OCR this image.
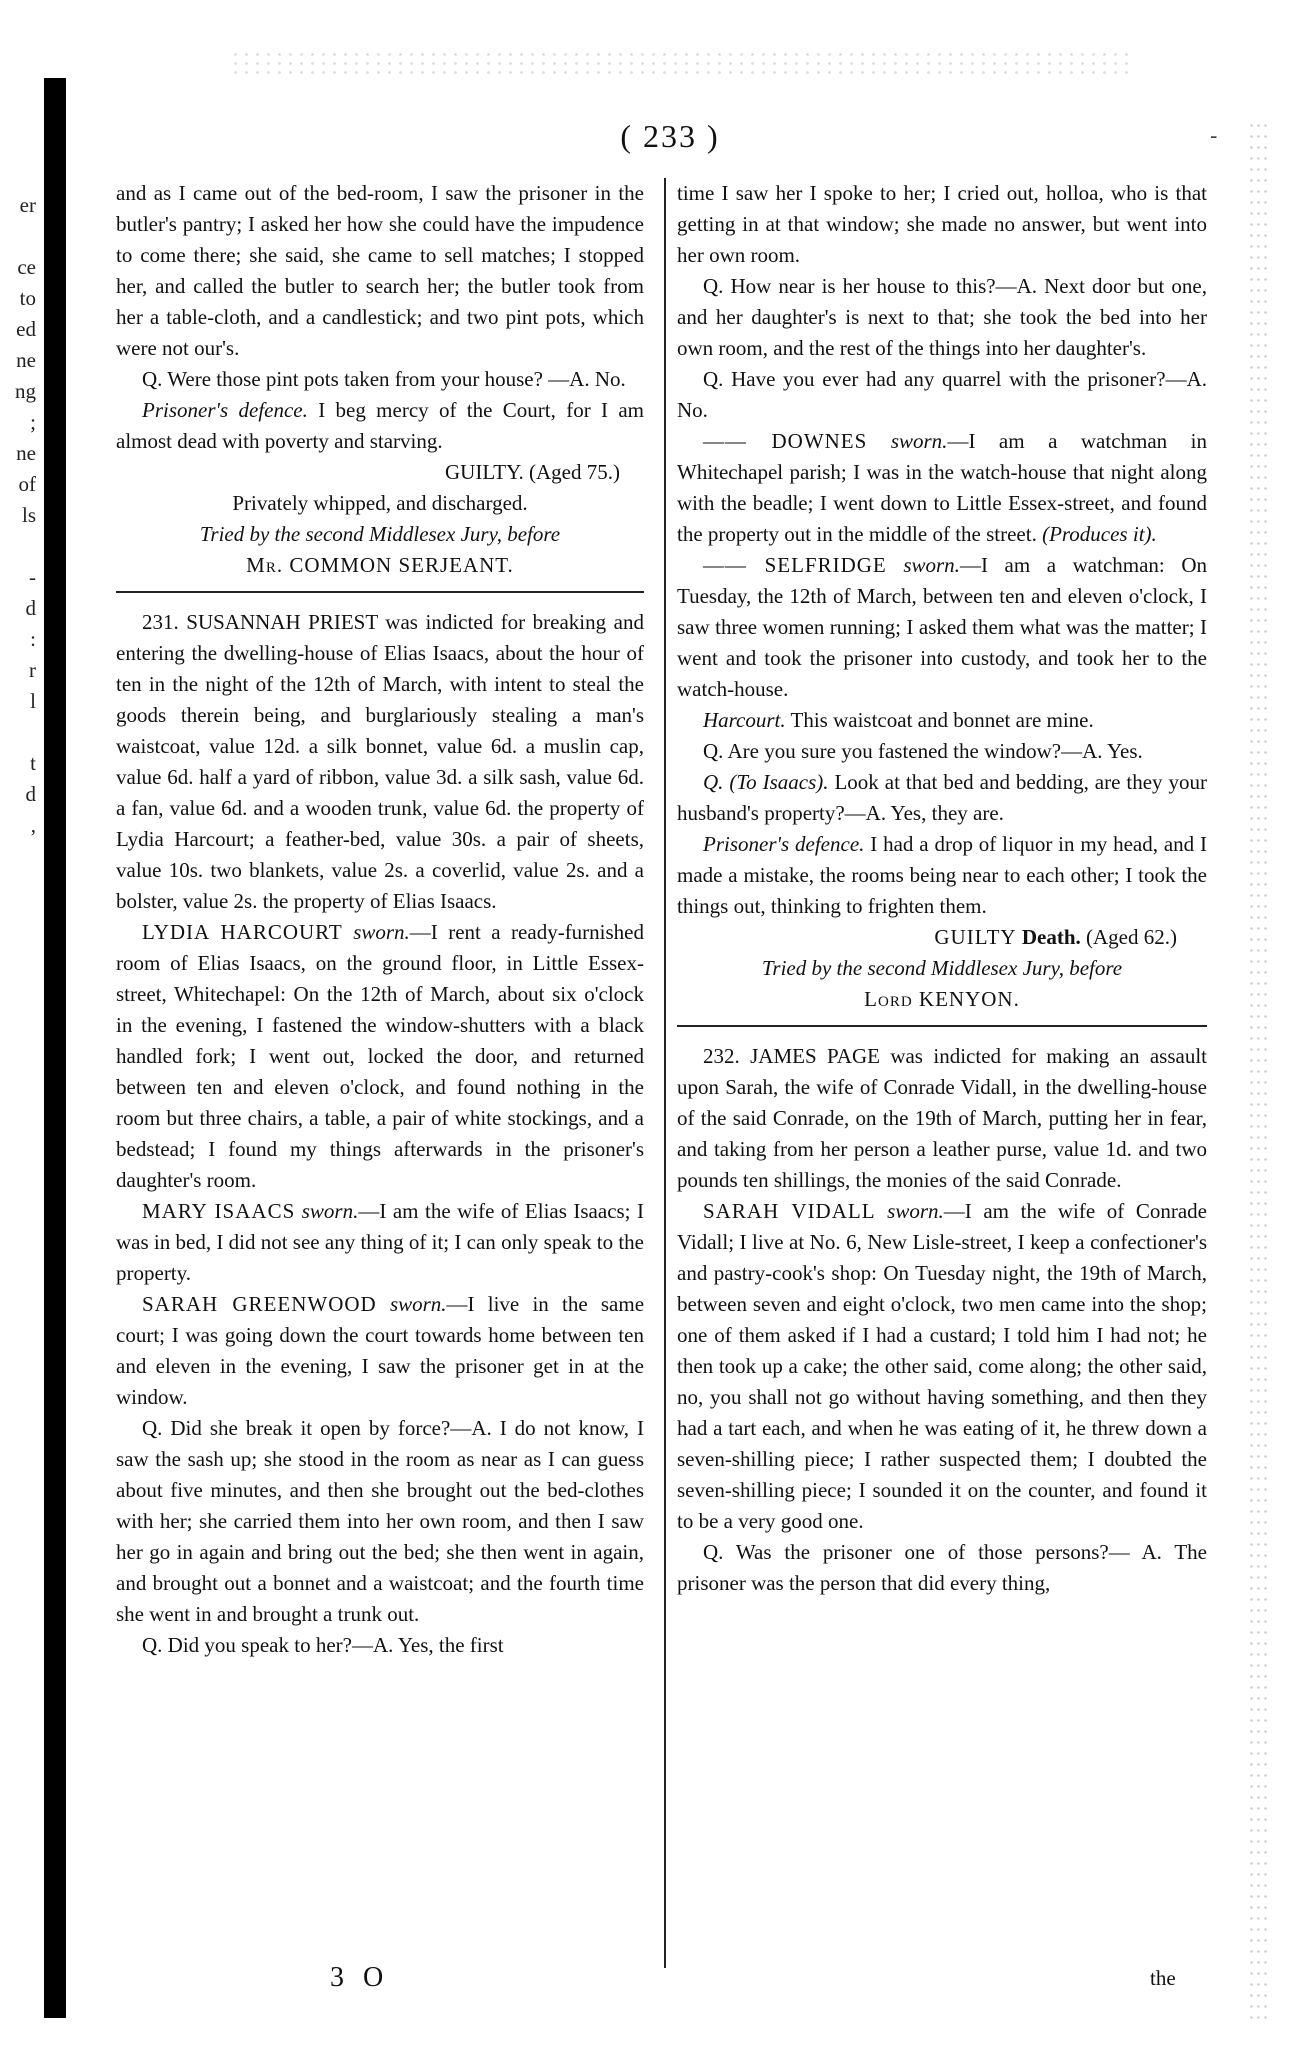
er
ce
to
ed
ne
ng
;
ne
of
ls
-
d
:
r
l
t
d
,
( 233 )	-

and as I came out of the bed-room, I saw the prisoner in the butler's pantry; I asked her how she could have the impudence to come there; she said, she came to sell matches; I stopped her, and called the butler to search her; the butler took from her a table-cloth, and a candlestick; and two pint pots, which were not our's.

Q. Were those pint pots taken from your house? —A. No.

Prisoner's defence. I beg mercy of the Court, for I am almost dead with poverty and starving.

GUILTY. (Aged 75.)

Privately whipped, and discharged.

Tried by the second Middlesex Jury, before

Mr. COMMON SERJEANT.

231. SUSANNAH PRIEST was indicted for breaking and entering the dwelling-house of Elias Isaacs, about the hour of ten in the night of the 12th of March, with intent to steal the goods therein being, and burglariously stealing a man's waistcoat, value 12d. a silk bonnet, value 6d. a muslin cap, value 6d. half a yard of ribbon, value 3d. a silk sash, value 6d. a fan, value 6d. and a wooden trunk, value 6d. the property of Lydia Harcourt; a feather-bed, value 30s. a pair of sheets, value 10s. two blankets, value 2s. a coverlid, value 2s. and a bolster, value 2s. the property of Elias Isaacs.

LYDIA HARCOURT sworn.—I rent a ready-furnished room of Elias Isaacs, on the ground floor, in Little Essex-street, Whitechapel: On the 12th of March, about six o'clock in the evening, I fastened the window-shutters with a black handled fork; I went out, locked the door, and returned between ten and eleven o'clock, and found nothing in the room but three chairs, a table, a pair of white stockings, and a bedstead; I found my things afterwards in the prisoner's daughter's room.

MARY ISAACS sworn.—I am the wife of Elias Isaacs; I was in bed, I did not see any thing of it; I can only speak to the property.

SARAH GREENWOOD sworn.—I live in the same court; I was going down the court towards home between ten and eleven in the evening, I saw the prisoner get in at the window.

Q. Did she break it open by force?—A. I do not know, I saw the sash up; she stood in the room as near as I can guess about five minutes, and then she brought out the bed-clothes with her; she carried them into her own room, and then I saw her go in again and bring out the bed; she then went in again, and brought out a bonnet and a waistcoat; and the fourth time she went in and brought a trunk out.

Q. Did you speak to her?—A. Yes, the first

time I saw her I spoke to her; I cried out, holloa, who is that getting in at that window; she made no answer, but went into her own room.

Q. How near is her house to this?—A. Next door but one, and her daughter's is next to that; she took the bed into her own room, and the rest of the things into her daughter's.

Q. Have you ever had any quarrel with the prisoner?—A. No.

—— DOWNES sworn.—I am a watchman in Whitechapel parish; I was in the watch-house that night along with the beadle; I went down to Little Essex-street, and found the property out in the middle of the street. (Produces it).

—— SELFRIDGE sworn.—I am a watchman: On Tuesday, the 12th of March, between ten and eleven o'clock, I saw three women running; I asked them what was the matter; I went and took the prisoner into custody, and took her to the watch-house.

Harcourt. This waistcoat and bonnet are mine.

Q. Are you sure you fastened the window?—A. Yes.

Q. (To Isaacs). Look at that bed and bedding, are they your husband's property?—A. Yes, they are.

Prisoner's defence. I had a drop of liquor in my head, and I made a mistake, the rooms being near to each other; I took the things out, thinking to frighten them.

GUILTY Death. (Aged 62.)

Tried by the second Middlesex Jury, before

Lord KENYON.

232. JAMES PAGE was indicted for making an assault upon Sarah, the wife of Conrade Vidall, in the dwelling-house of the said Conrade, on the 19th of March, putting her in fear, and taking from her person a leather purse, value 1d. and two pounds ten shillings, the monies of the said Conrade.

SARAH VIDALL sworn.—I am the wife of Conrade Vidall; I live at No. 6, New Lisle-street, I keep a confectioner's and pastry-cook's shop: On Tuesday night, the 19th of March, between seven and eight o'clock, two men came into the shop; one of them asked if I had a custard; I told him I had not; he then took up a cake; the other said, come along; the other said, no, you shall not go without having something, and then they had a tart each, and when he was eating of it, he threw down a seven-shilling piece; I rather suspected them; I doubted the seven-shilling piece; I sounded it on the counter, and found it to be a very good one.

Q. Was the prisoner one of those persons?— A. The prisoner was the person that did every thing,

3 O	the
